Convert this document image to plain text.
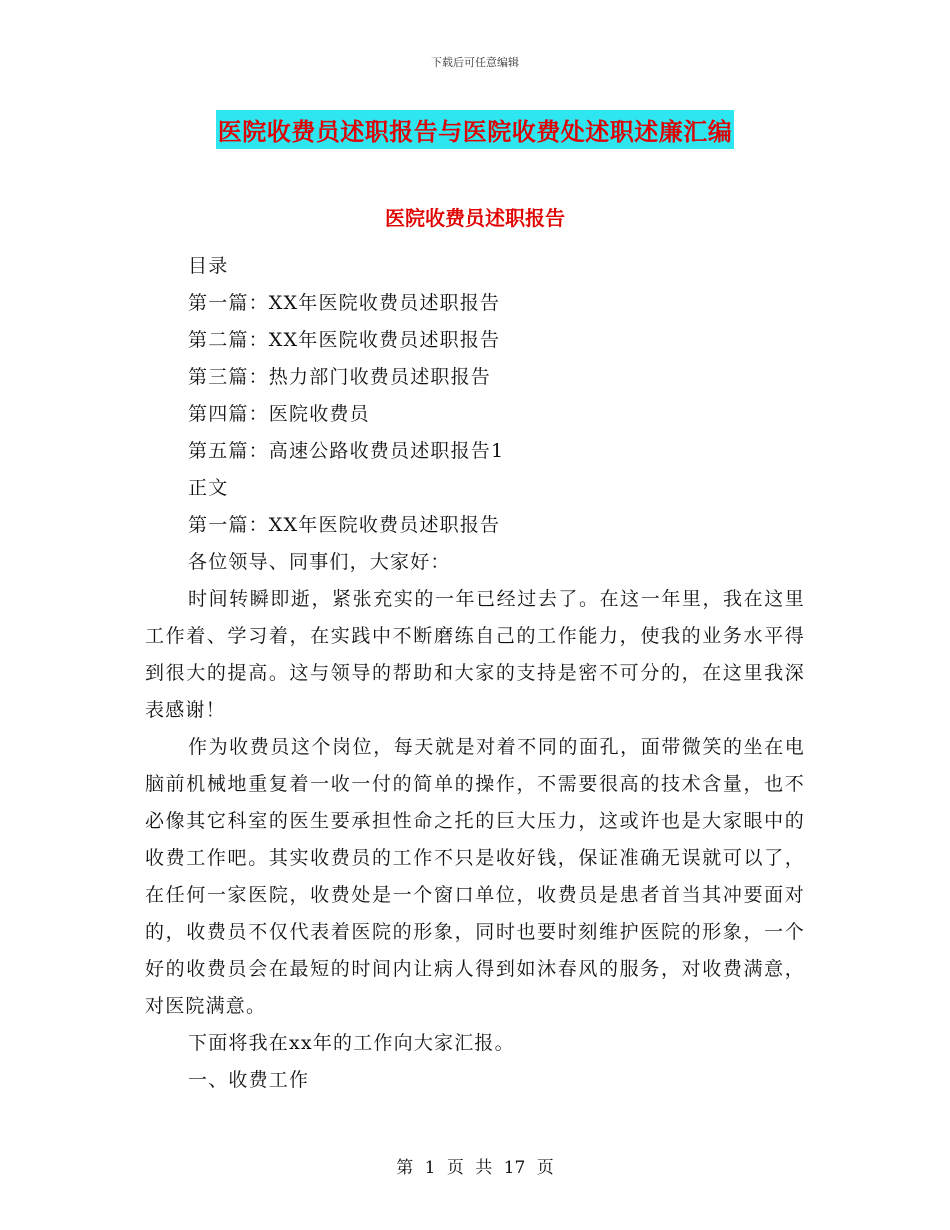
下载后可任意编辑
医院收费员述职报告与医院收费处述职述廉汇编
医院收费员述职报告

目录

第一篇：XX年医院收费员述职报告

第二篇：XX年医院收费员述职报告

第三篇：热力部门收费员述职报告

第四篇：医院收费员

第五篇：高速公路收费员述职报告1

正文

第一篇：XX年医院收费员述职报告

各位领导、同事们，大家好：

时间转瞬即逝，紧张充实的一年已经过去了。在这一年里，我在这里工作着、学习着，在实践中不断磨练自己的工作能力，使我的业务水平得到很大的提高。这与领导的帮助和大家的支持是密不可分的，在这里我深表感谢！

作为收费员这个岗位，每天就是对着不同的面孔，面带微笑的坐在电脑前机械地重复着一收一付的简单的操作，不需要很高的技术含量，也不必像其它科室的医生要承担性命之托的巨大压力，这或许也是大家眼中的收费工作吧。其实收费员的工作不只是收好钱，保证准确无误就可以了，在任何一家医院，收费处是一个窗口单位，收费员是患者首当其冲要面对的，收费员不仅代表着医院的形象，同时也要时刻维护医院的形象，一个好的收费员会在最短的时间内让病人得到如沐春风的服务，对收费满意，对医院满意。

下面将我在xx年的工作向大家汇报。

一、收费工作

第 1 页 共 17 页
